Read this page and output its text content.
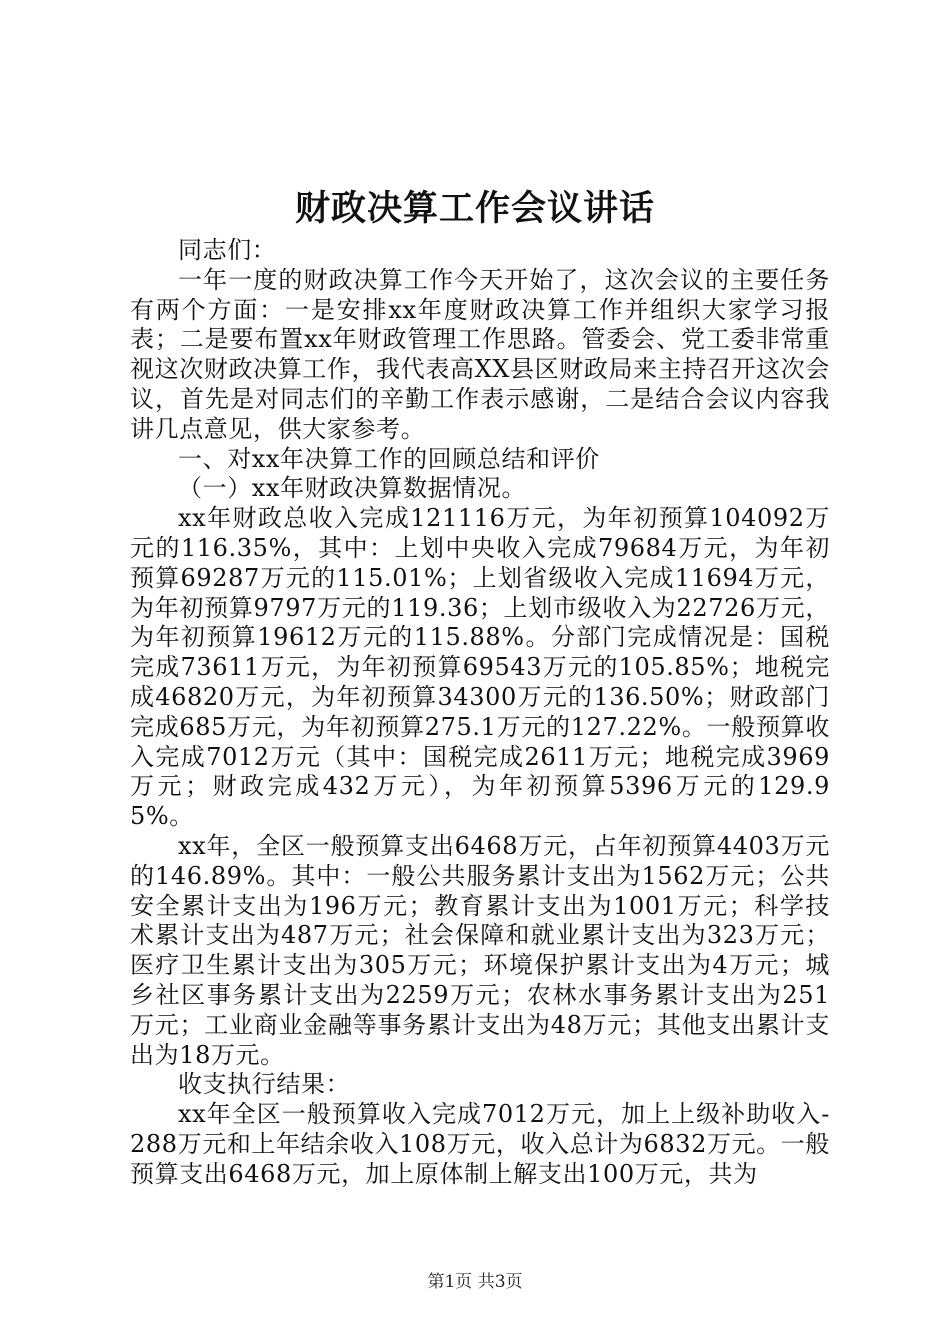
财政决算工作会议讲话

同志们：

一年一度的财政决算工作今天开始了，这次会议的主要任务有两个方面：一是安排xx年度财政决算工作并组织大家学习报表；二是要布置xx年财政管理工作思路。管委会、党工委非常重视这次财政决算工作，我代表高XX县区财政局来主持召开这次会议，首先是对同志们的辛勤工作表示感谢，二是结合会议内容我讲几点意见，供大家参考。

一、对xx年决算工作的回顾总结和评价

（一）xx年财政决算数据情况。

xx年财政总收入完成121116万元，为年初预算104092万元的116.35%，其中：上划中央收入完成79684万元，为年初预算69287万元的115.01%；上划省级收入完成11694万元，为年初预算9797万元的119.36；上划市级收入为22726万元，为年初预算19612万元的115.88%。分部门完成情况是：国税完成73611万元，为年初预算69543万元的105.85%；地税完成46820万元，为年初预算34300万元的136.50%；财政部门完成685万元，为年初预算275.1万元的127.22%。一般预算收入完成7012万元（其中：国税完成2611万元；地税完成3969万元；财政完成432万元），为年初预算5396万元的129.95%。

xx年，全区一般预算支出6468万元，占年初预算4403万元的146.89%。其中：一般公共服务累计支出为1562万元；公共安全累计支出为196万元；教育累计支出为1001万元；科学技术累计支出为487万元；社会保障和就业累计支出为323万元；医疗卫生累计支出为305万元；环境保护累计支出为4万元；城乡社区事务累计支出为2259万元；农林水事务累计支出为251万元；工业商业金融等事务累计支出为48万元；其他支出累计支出为18万元。

收支执行结果：

xx年全区一般预算收入完成7012万元，加上上级补助收入-288万元和上年结余收入108万元，收入总计为6832万元。一般预算支出6468万元，加上原体制上解支出100万元，共为

第1页 共3页
